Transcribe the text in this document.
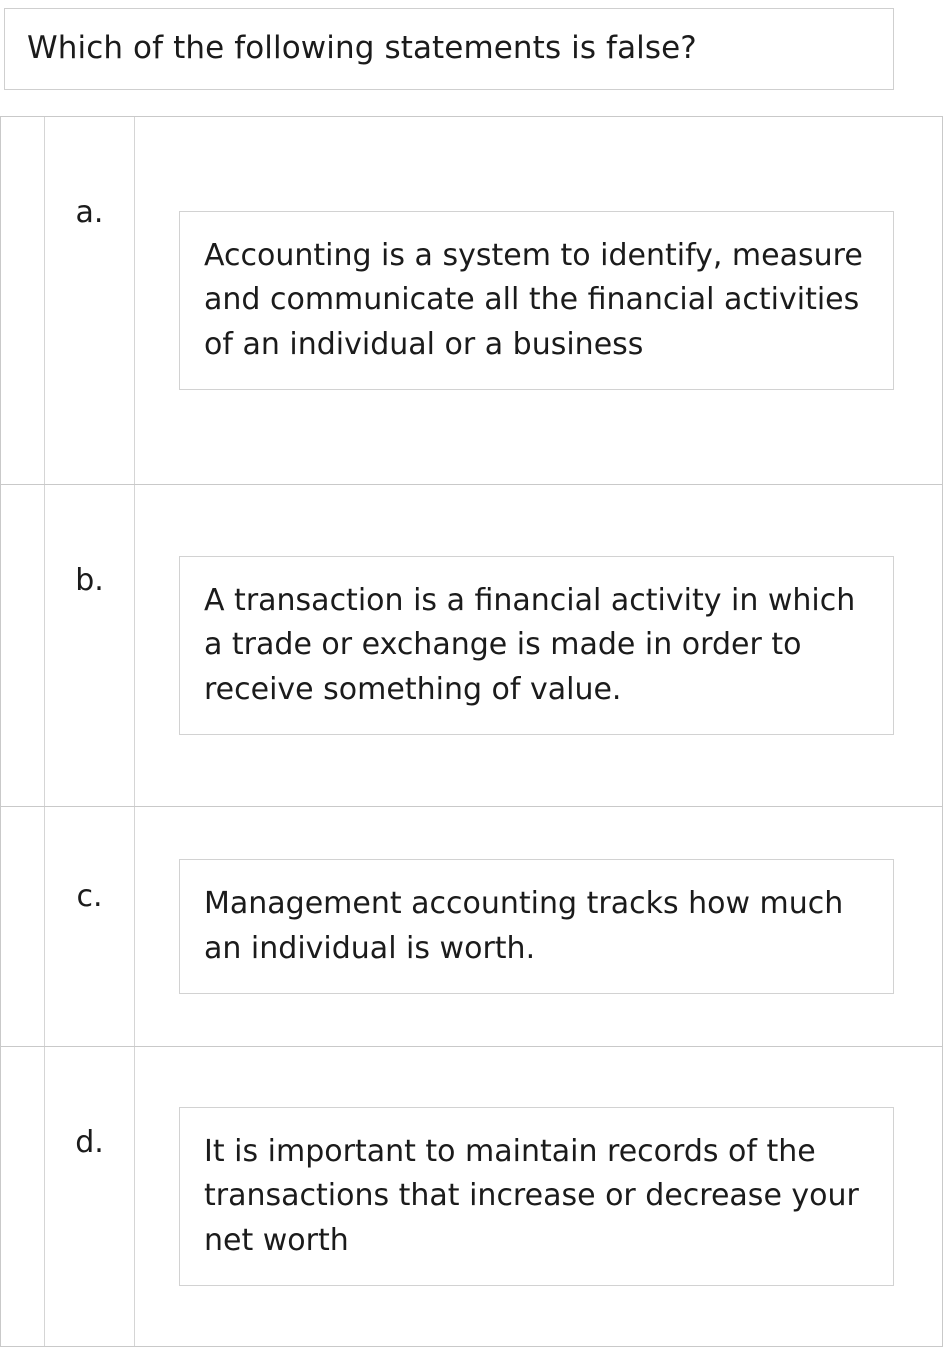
Which of the following statements is false?
a.
Accounting is a system to identify, measure and communicate all the financial activities of an individual or a business
b.
A transaction is a financial activity in which a trade or exchange is made in order to receive something of value.
c.	Management accounting tracks how much an individual is worth.
d.	It is important to maintain records of the transactions that increase or decrease your net worth
